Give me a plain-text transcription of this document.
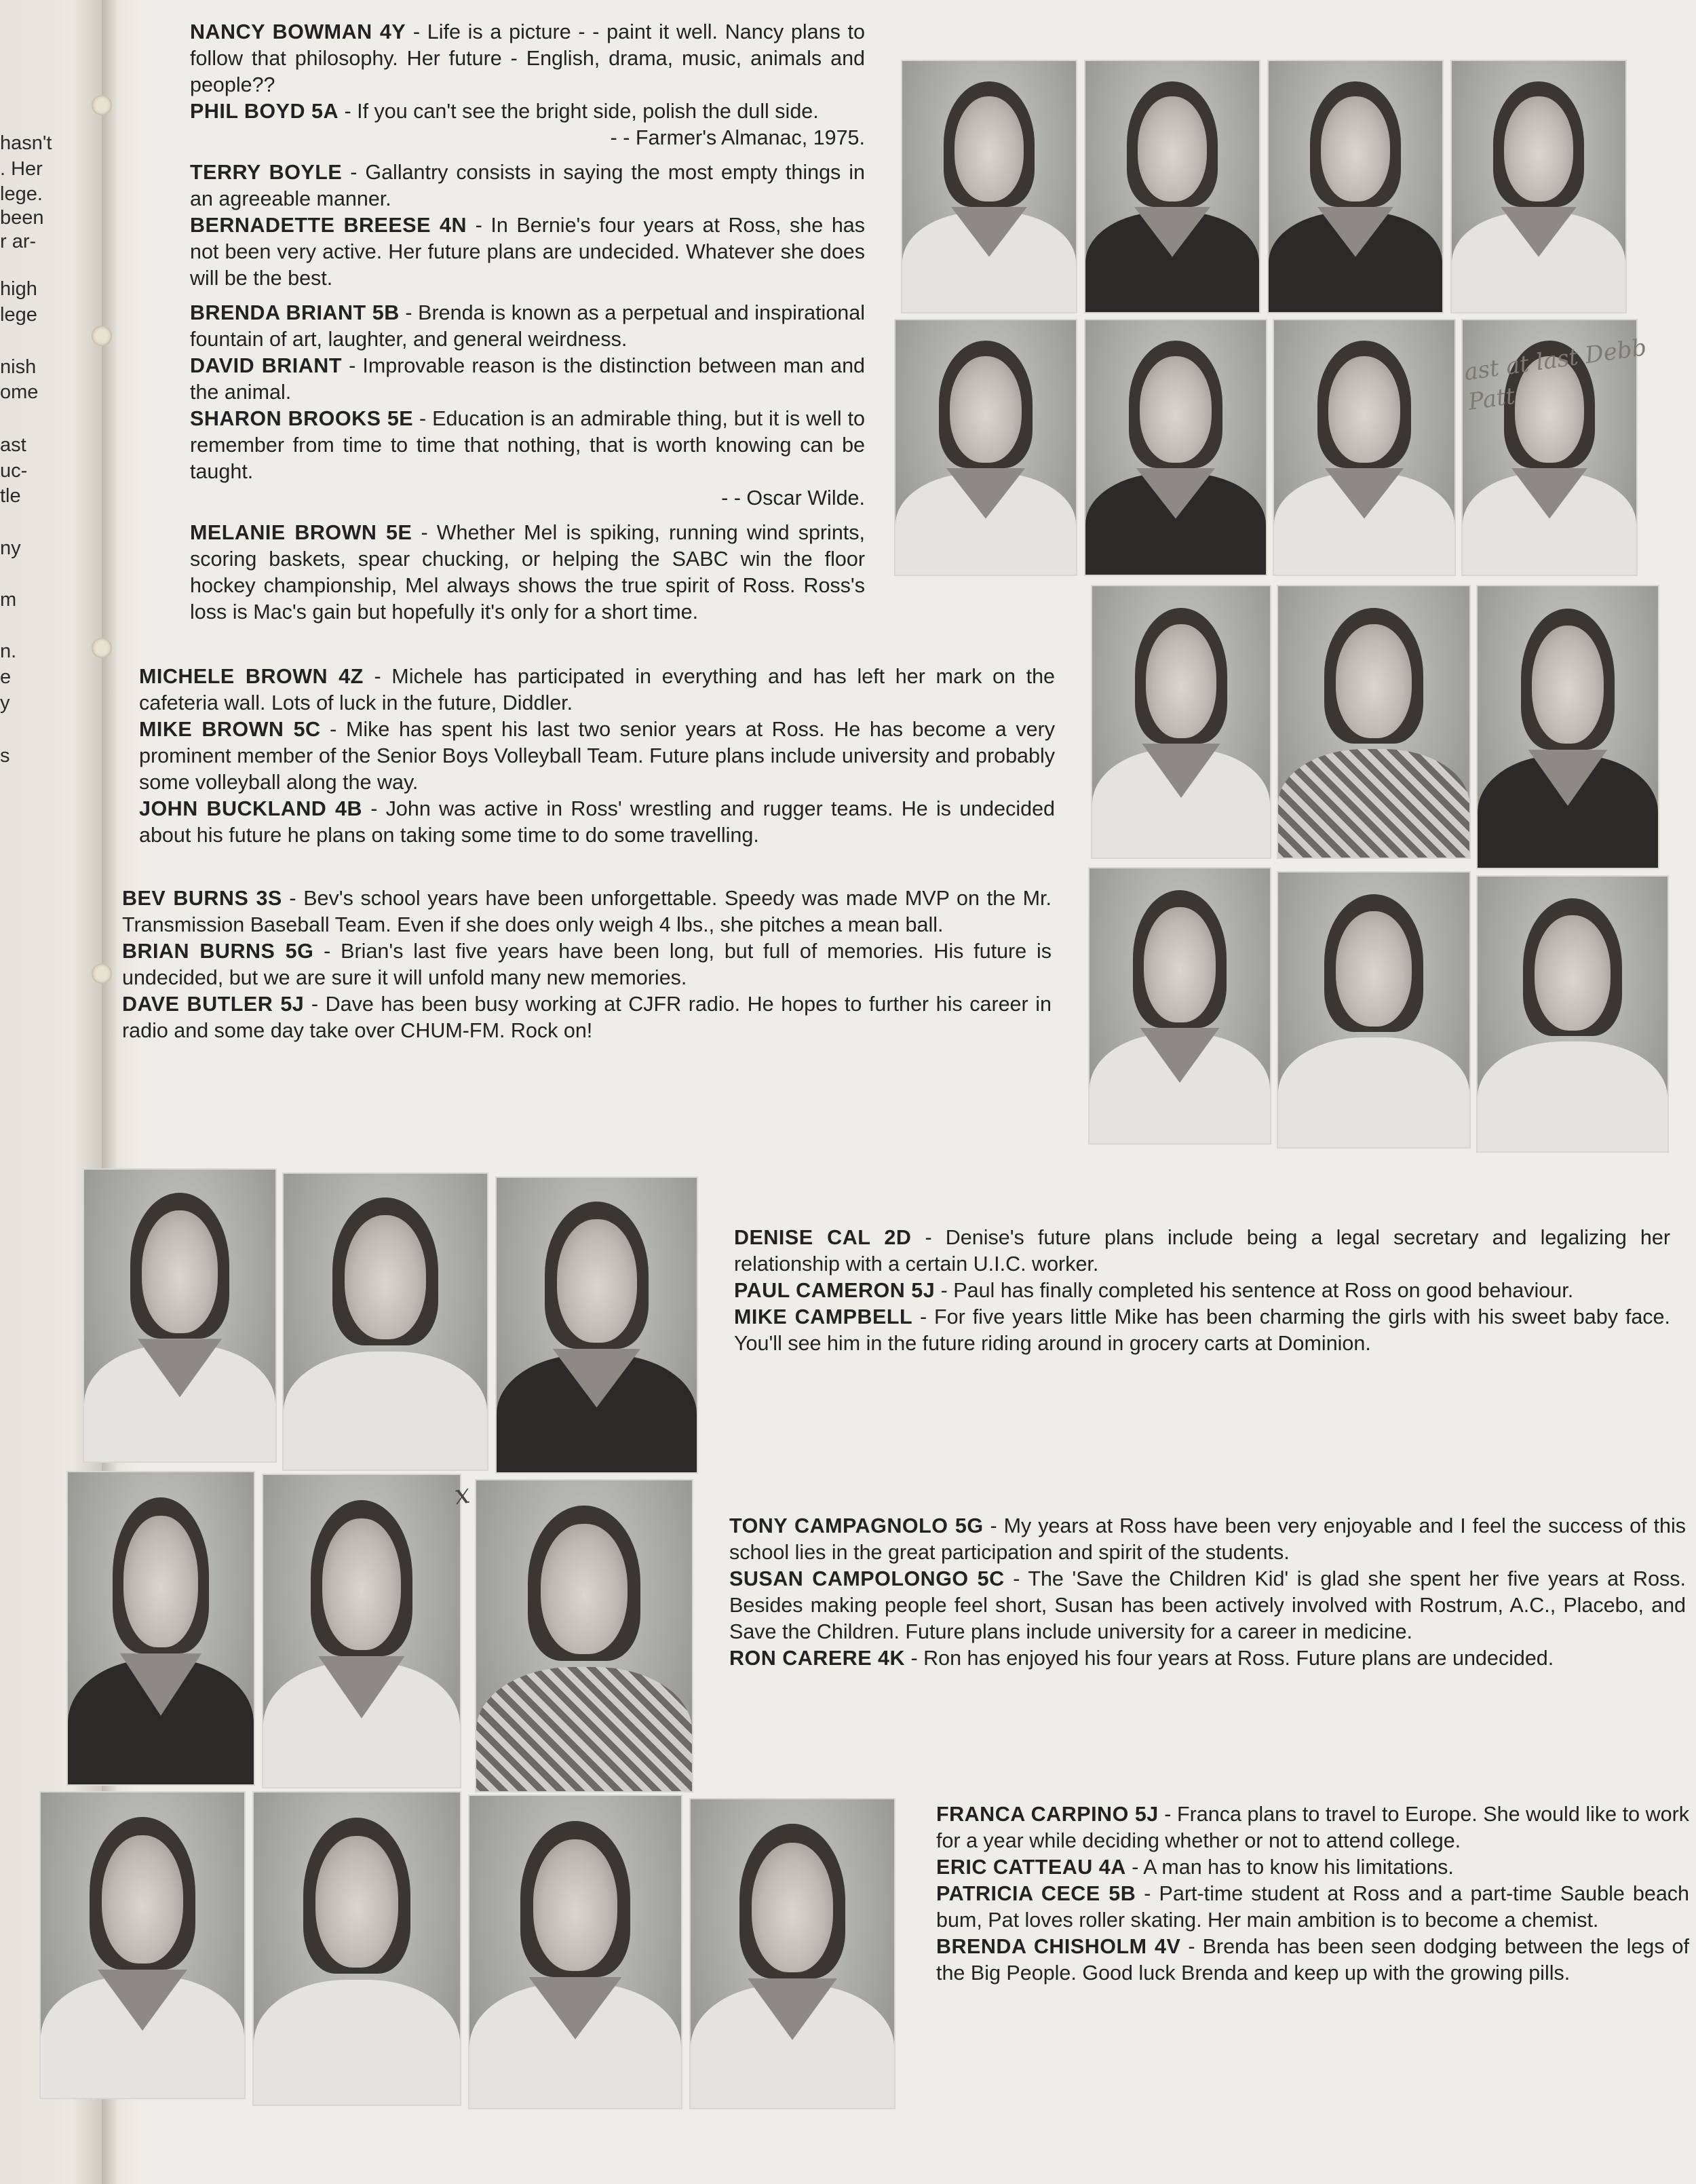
hasn't
. Her
lege.
been
r ar-
high
lege
nish
ome
ast
uc-
tle
ny
m
n.
e
y
s

NANCY BOWMAN 4Y - Life is a picture - - paint it well. Nancy plans to follow that philosophy. Her future - English, drama, music, animals and people??

PHIL BOYD 5A - If you can't see the bright side, polish the dull side.
- - Farmer's Almanac, 1975.

TERRY BOYLE - Gallantry consists in saying the most empty things in an agreeable manner.

BERNADETTE BREESE 4N - In Bernie's four years at Ross, she has not been very active. Her future plans are undecided. Whatever she does will be the best.

BRENDA BRIANT 5B - Brenda is known as a perpetual and inspirational fountain of art, laughter, and general weirdness.

DAVID BRIANT - Improvable reason is the distinction between man and the animal.

SHARON BROOKS 5E - Education is an admirable thing, but it is well to remember from time to time that nothing, that is worth knowing can be taught.
- - Oscar Wilde.

MELANIE BROWN 5E - Whether Mel is spiking, running wind sprints, scoring baskets, spear chucking, or helping the SABC win the floor hockey championship, Mel always shows the true spirit of Ross. Ross's loss is Mac's gain but hopefully it's only for a short time.

MICHELE BROWN 4Z - Michele has participated in everything and has left her mark on the cafeteria wall. Lots of luck in the future, Diddler.

MIKE BROWN 5C - Mike has spent his last two senior years at Ross. He has become a very prominent member of the Senior Boys Volleyball Team. Future plans include university and probably some volleyball along the way.

JOHN BUCKLAND 4B - John was active in Ross' wrestling and rugger teams. He is undecided about his future he plans on taking some time to do some travelling.

BEV BURNS 3S - Bev's school years have been unforgettable. Speedy was made MVP on the Mr. Transmission Baseball Team. Even if she does only weigh 4 lbs., she pitches a mean ball.

BRIAN BURNS 5G - Brian's last five years have been long, but full of memories. His future is undecided, but we are sure it will unfold many new memories.

DAVE BUTLER 5J - Dave has been busy working at CJFR radio. He hopes to further his career in radio and some day take over CHUM-FM. Rock on!

DENISE CAL 2D - Denise's future plans include being a legal secretary and legalizing her relationship with a certain U.I.C. worker.

PAUL CAMERON 5J - Paul has finally completed his sentence at Ross on good behaviour.

MIKE CAMPBELL - For five years little Mike has been charming the girls with his sweet baby face. You'll see him in the future riding around in grocery carts at Dominion.

TONY CAMPAGNOLO 5G - My years at Ross have been very enjoyable and I feel the success of this school lies in the great participation and spirit of the students.

SUSAN CAMPOLONGO 5C - The 'Save the Children Kid' is glad she spent her five years at Ross. Besides making people feel short, Susan has been actively involved with Rostrum, A.C., Placebo, and Save the Children. Future plans include university for a career in medicine.

RON CARERE 4K - Ron has enjoyed his four years at Ross. Future plans are undecided.

FRANCA CARPINO 5J - Franca plans to travel to Europe. She would like to work for a year while deciding whether or not to attend college.

ERIC CATTEAU 4A - A man has to know his limitations.

PATRICIA CECE 5B - Part-time student at Ross and a part-time Sauble beach bum, Pat loves roller skating. Her main ambition is to become a chemist.

BRENDA CHISHOLM 4V - Brenda has been seen dodging between the legs of the Big People. Good luck Brenda and keep up with the growing pills.

ast at last Debb Patt
x
